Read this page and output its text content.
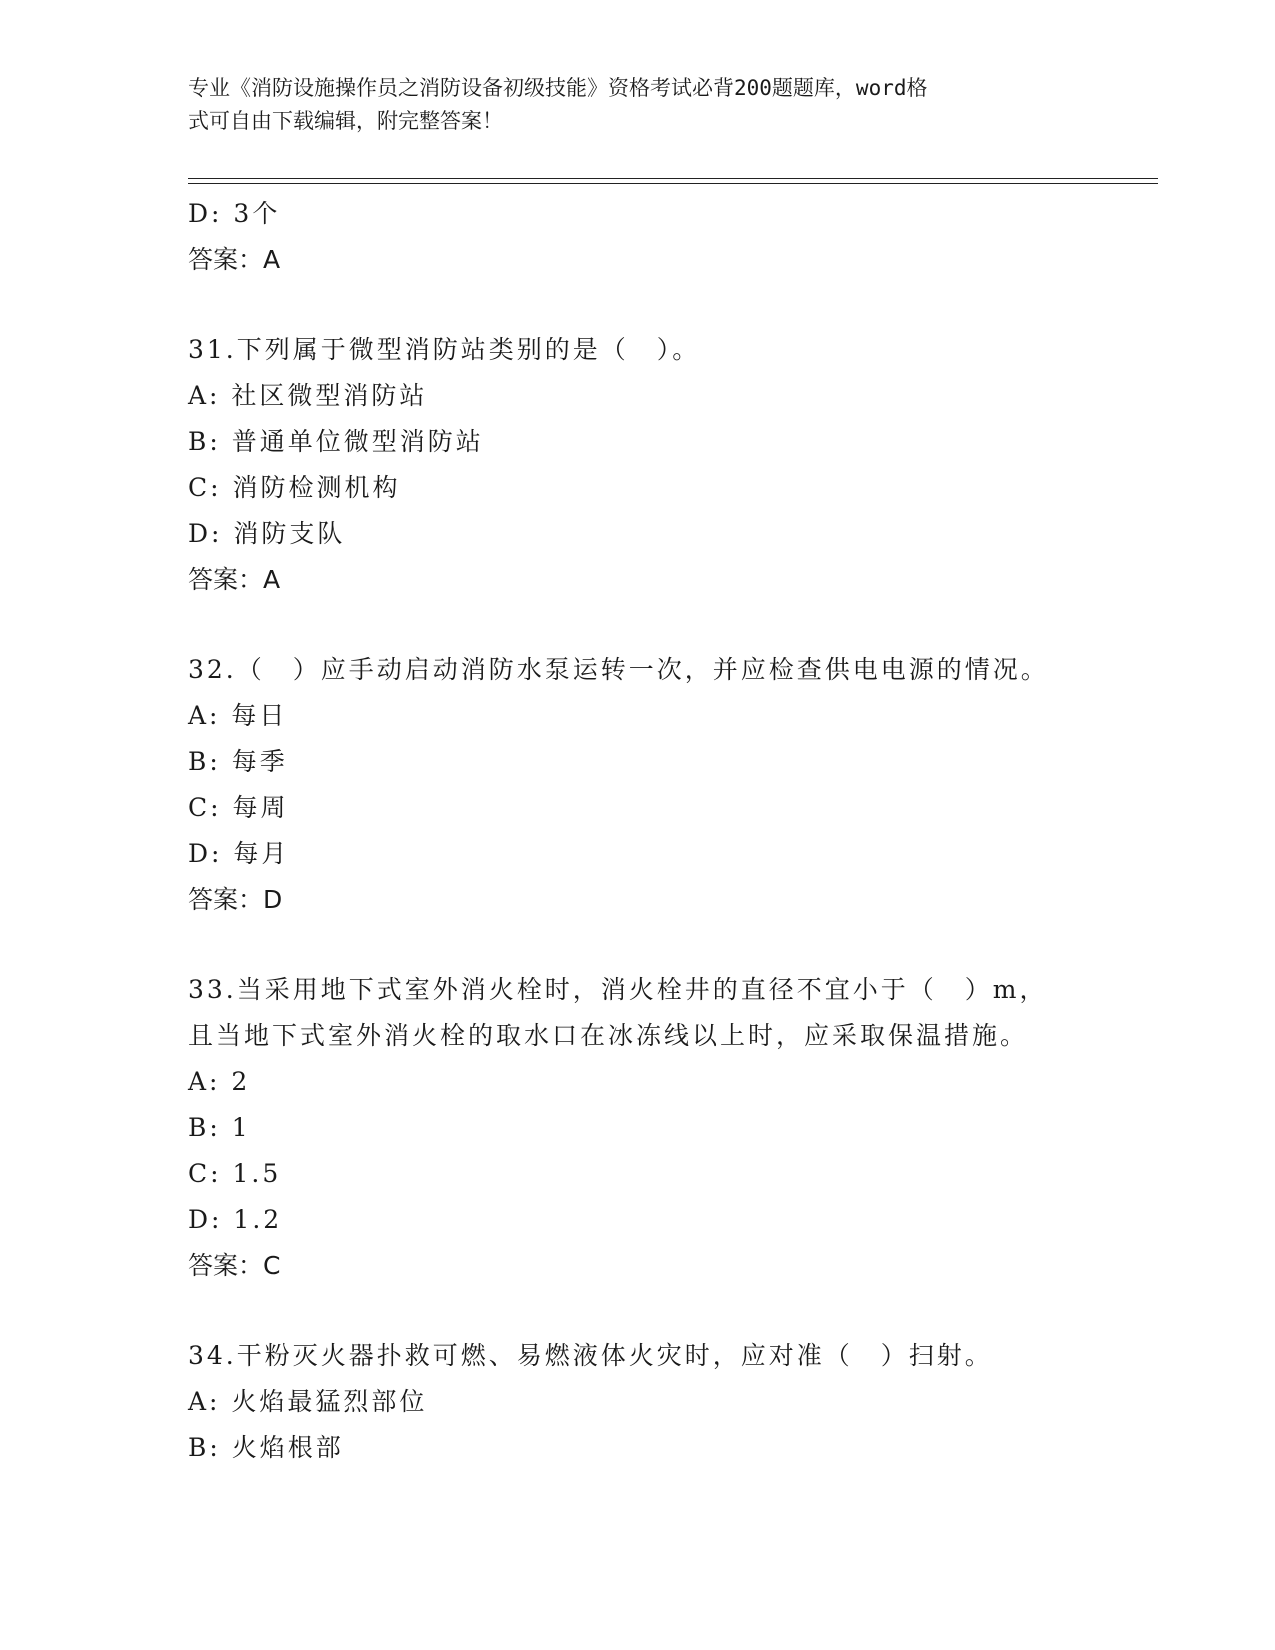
专业《消防设施操作员之消防设备初级技能》资格考试必背200题题库，word格
式可自由下载编辑，附完整答案！
D: 3个
答案：A
31.下列属于微型消防站类别的是（　）。
A: 社区微型消防站
B: 普通单位微型消防站
C: 消防检测机构
D: 消防支队
答案：A
32.（　）应手动启动消防水泵运转一次，并应检查供电电源的情况。
A: 每日
B: 每季
C: 每周
D: 每月
答案：D
33.当采用地下式室外消火栓时，消火栓井的直径不宜小于（　）m，
且当地下式室外消火栓的取水口在冰冻线以上时，应采取保温措施。
A: 2
B: 1
C: 1.5
D: 1.2
答案：C
34.干粉灭火器扑救可燃、易燃液体火灾时，应对准（　）扫射。
A: 火焰最猛烈部位
B: 火焰根部
